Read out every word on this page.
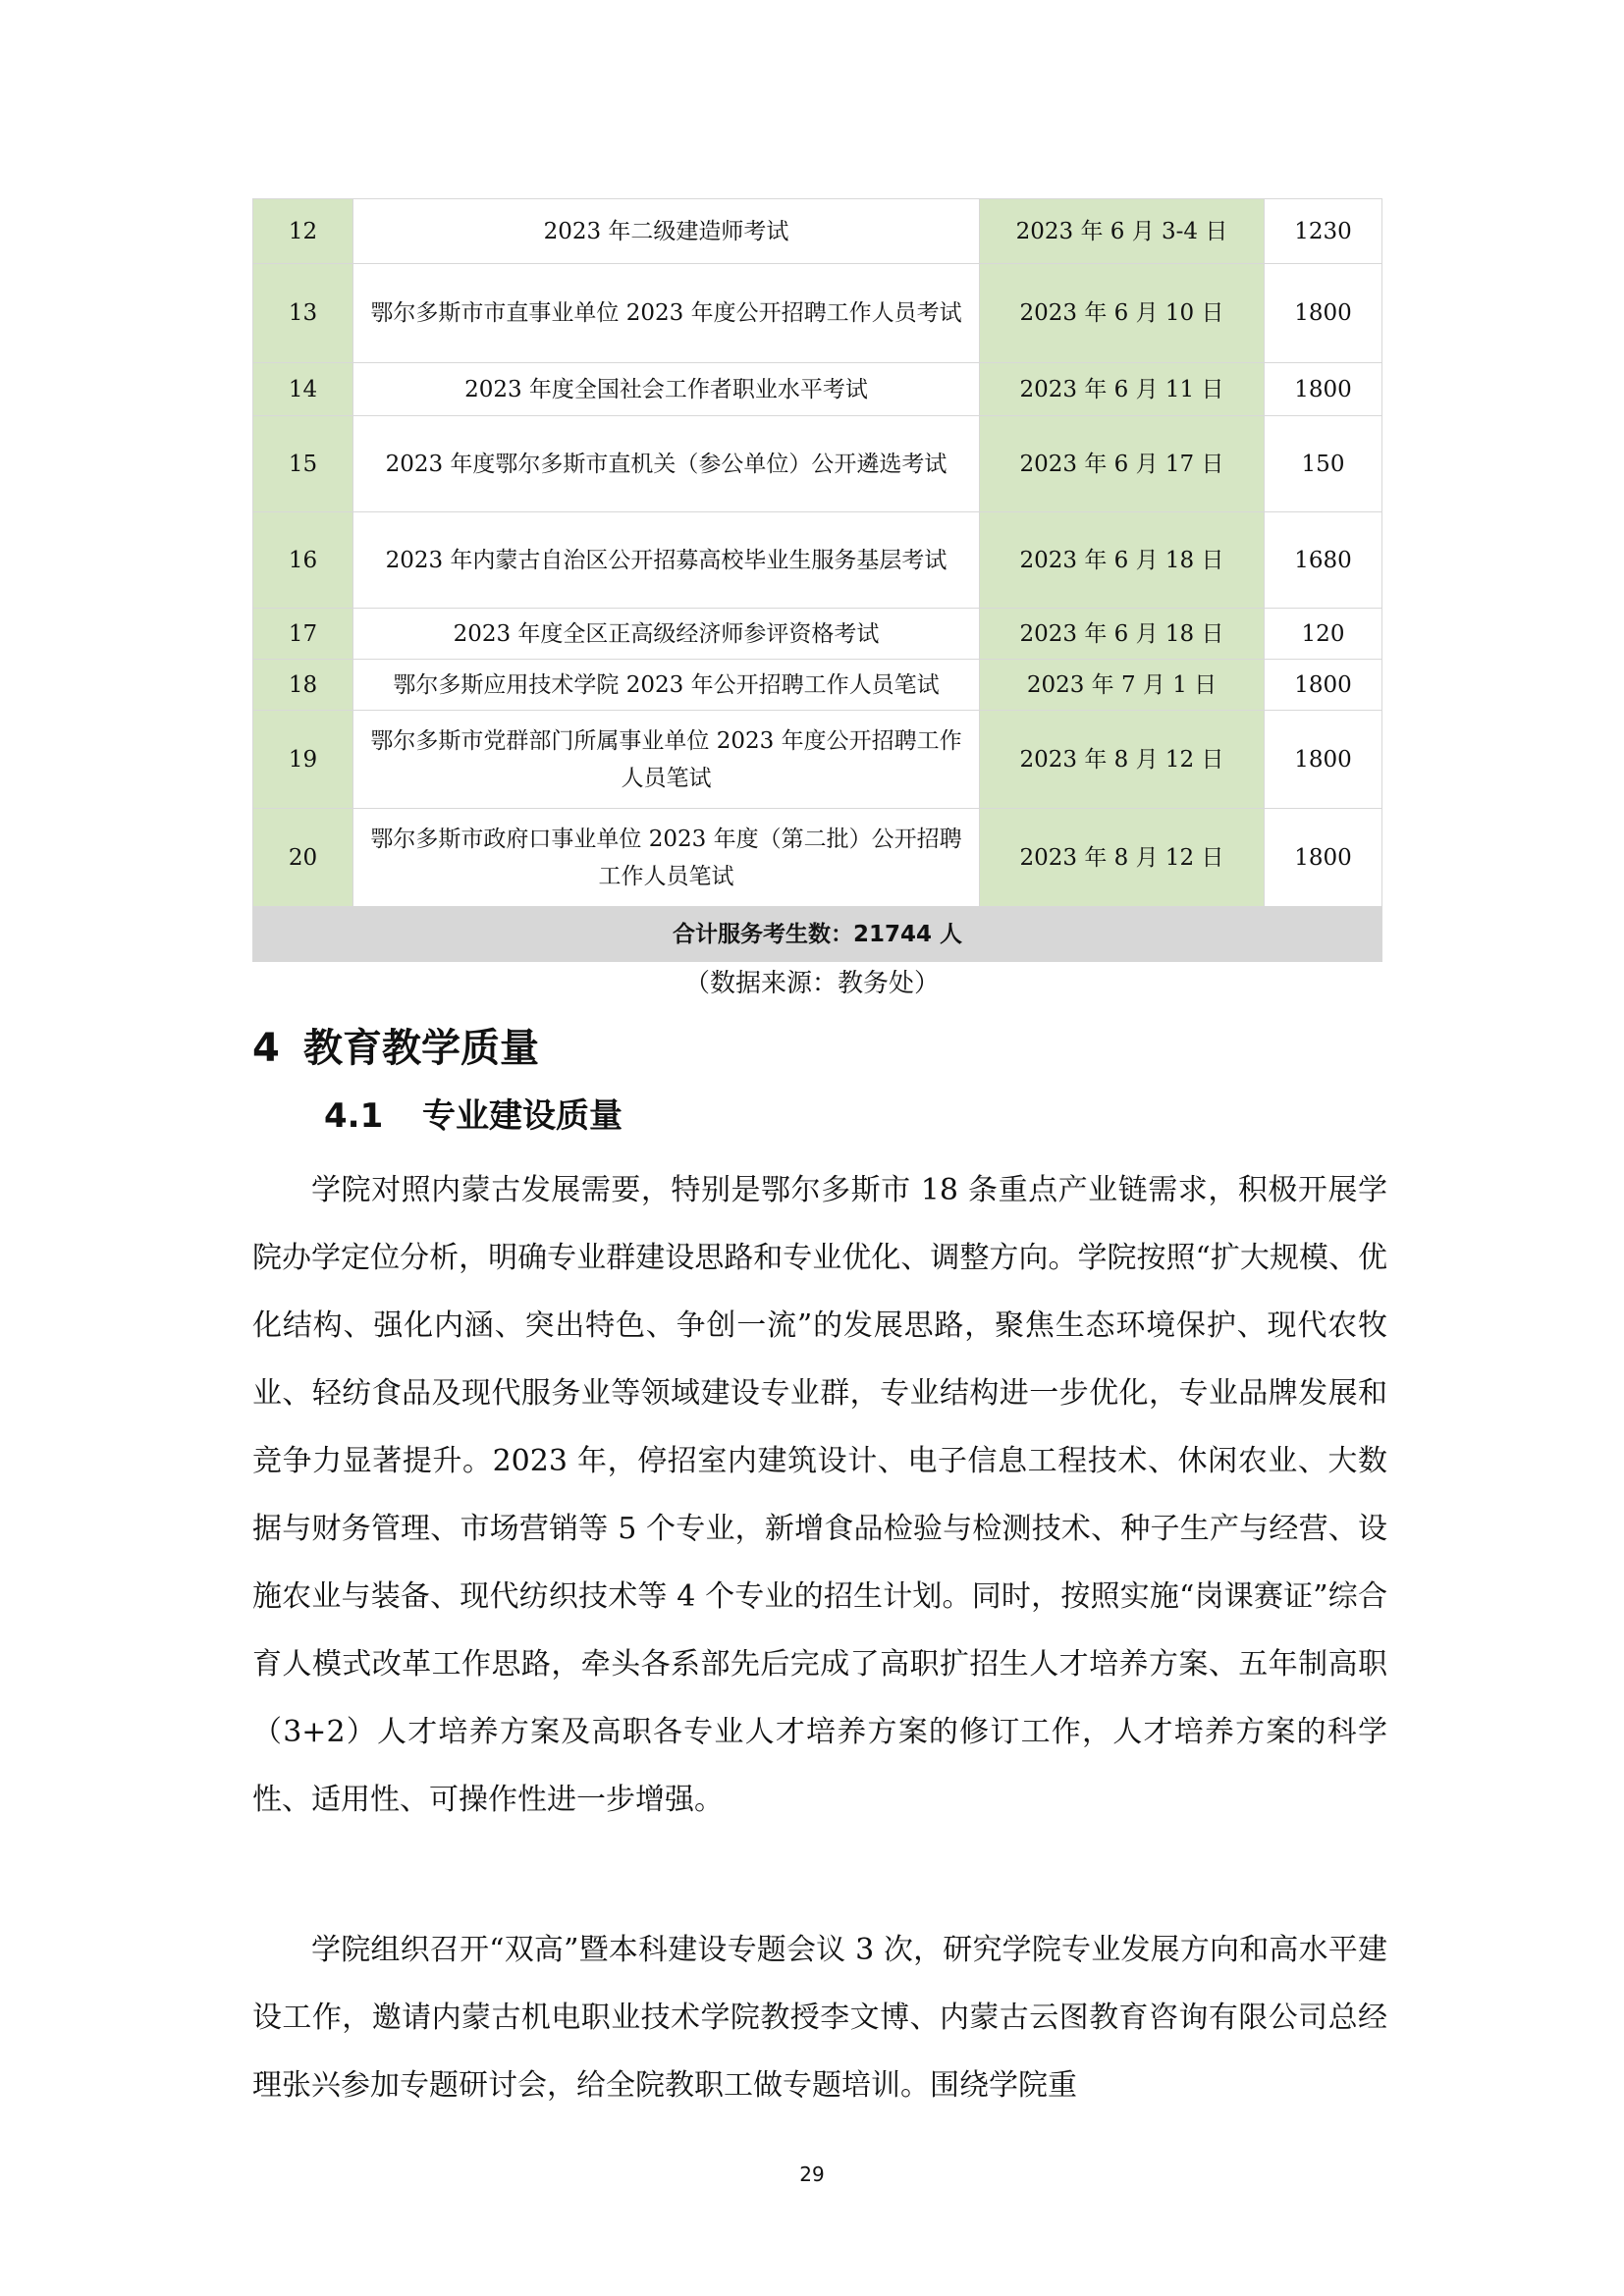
12	2023 年二级建造师考试	2023 年 6 月 3-4 日	1230
13	鄂尔多斯市市直事业单位 2023 年度公开招聘工作人员考试	2023 年 6 月 10 日	1800
14	2023 年度全国社会工作者职业水平考试	2023 年 6 月 11 日	1800
15	2023 年度鄂尔多斯市直机关（参公单位）公开遴选考试	2023 年 6 月 17 日	150
16	2023 年内蒙古自治区公开招募高校毕业生服务基层考试	2023 年 6 月 18 日	1680
17	2023 年度全区正高级经济师参评资格考试	2023 年 6 月 18 日	120
18	鄂尔多斯应用技术学院 2023 年公开招聘工作人员笔试	2023 年 7 月 1 日	1800
19	鄂尔多斯市党群部门所属事业单位 2023 年度公开招聘工作人员笔试	2023 年 8 月 12 日	1800
20	鄂尔多斯市政府口事业单位 2023 年度（第二批）公开招聘工作人员笔试	2023 年 8 月 12 日	1800
合计服务考生数：21744 人			
（数据来源：教务处）
4 教育教学质量
4.1 专业建设质量

学院对照内蒙古发展需要，特别是鄂尔多斯市 18 条重点产业链需求，积极开展学院办学定位分析，明确专业群建设思路和专业优化、调整方向。学院按照“扩大规模、优化结构、强化内涵、突出特色、争创一流”的发展思路，聚焦生态环境保护、现代农牧业、轻纺食品及现代服务业等领域建设专业群，专业结构进一步优化，专业品牌发展和竞争力显著提升。2023 年，停招室内建筑设计、电子信息工程技术、休闲农业、大数据与财务管理、市场营销等 5 个专业，新增食品检验与检测技术、种子生产与经营、设施农业与装备、现代纺织技术等 4 个专业的招生计划。同时，按照实施“岗课赛证”综合育人模式改革工作思路，牵头各系部先后完成了高职扩招生人才培养方案、五年制高职（3+2）人才培养方案及高职各专业人才培养方案的修订工作，人才培养方案的科学性、适用性、可操作性进一步增强。

学院组织召开“双高”暨本科建设专题会议 3 次，研究学院专业发展方向和高水平建设工作，邀请内蒙古机电职业技术学院教授李文博、内蒙古云图教育咨询有限公司总经理张兴参加专题研讨会，给全院教职工做专题培训。围绕学院重

29
